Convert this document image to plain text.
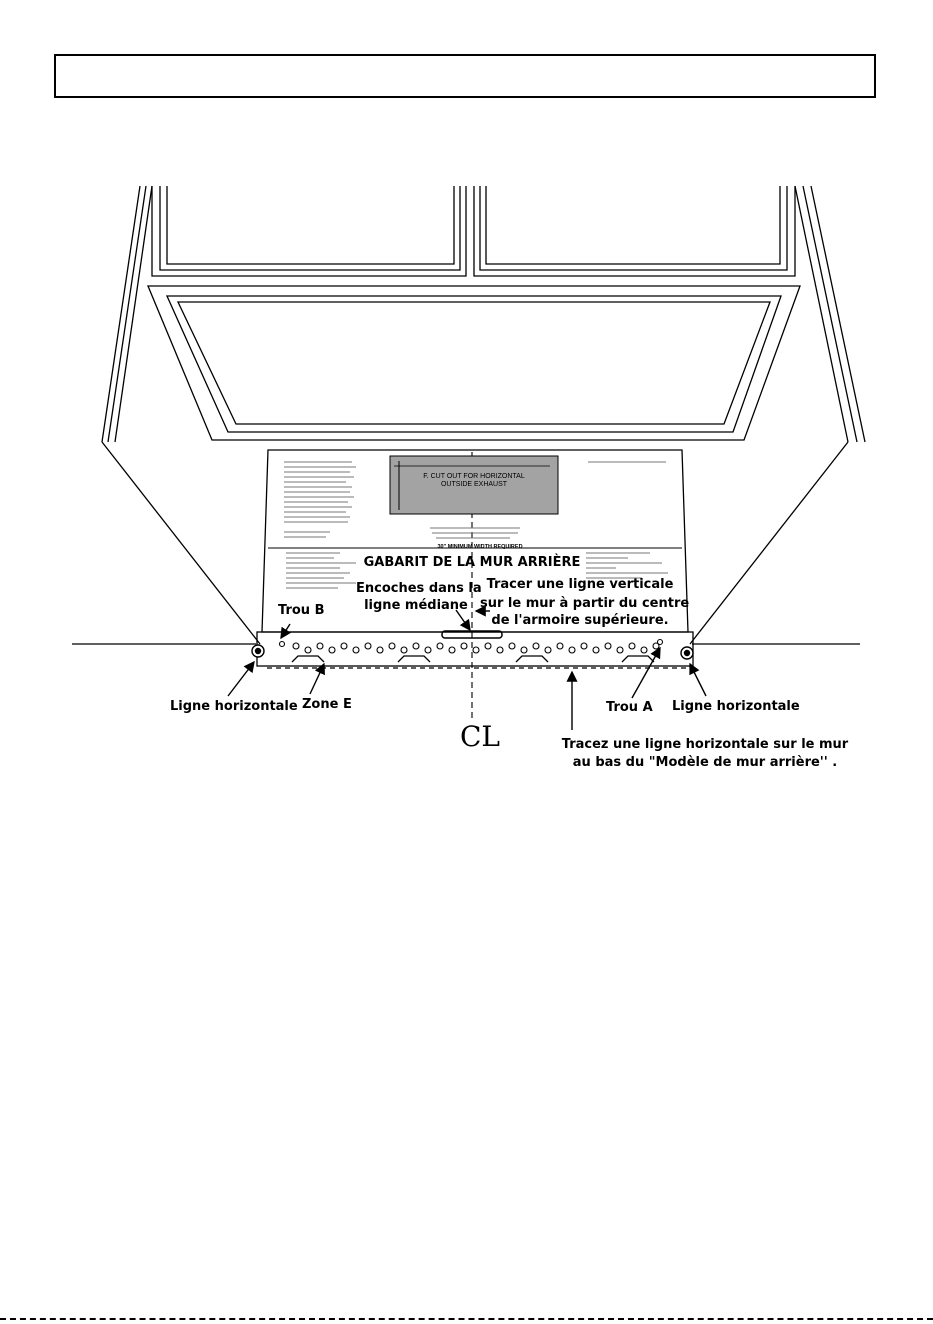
F. CUT OUT FOR HORIZONTAL
OUTSIDE EXHAUST
30" MINIMUM WIDTH REQUIRED
GABARIT DE LA MUR ARRIÈRE
Encoches dans la
ligne médiane
Tracer une ligne verticale
sur le mur à partir du centre
de l'armoire supérieure.
Trou B
Ligne horizontale Zone E	Trou A Ligne horizontale
Tracez une ligne horizontale sur le mur
au bas du "Modèle de mur arrière'' .
CL
